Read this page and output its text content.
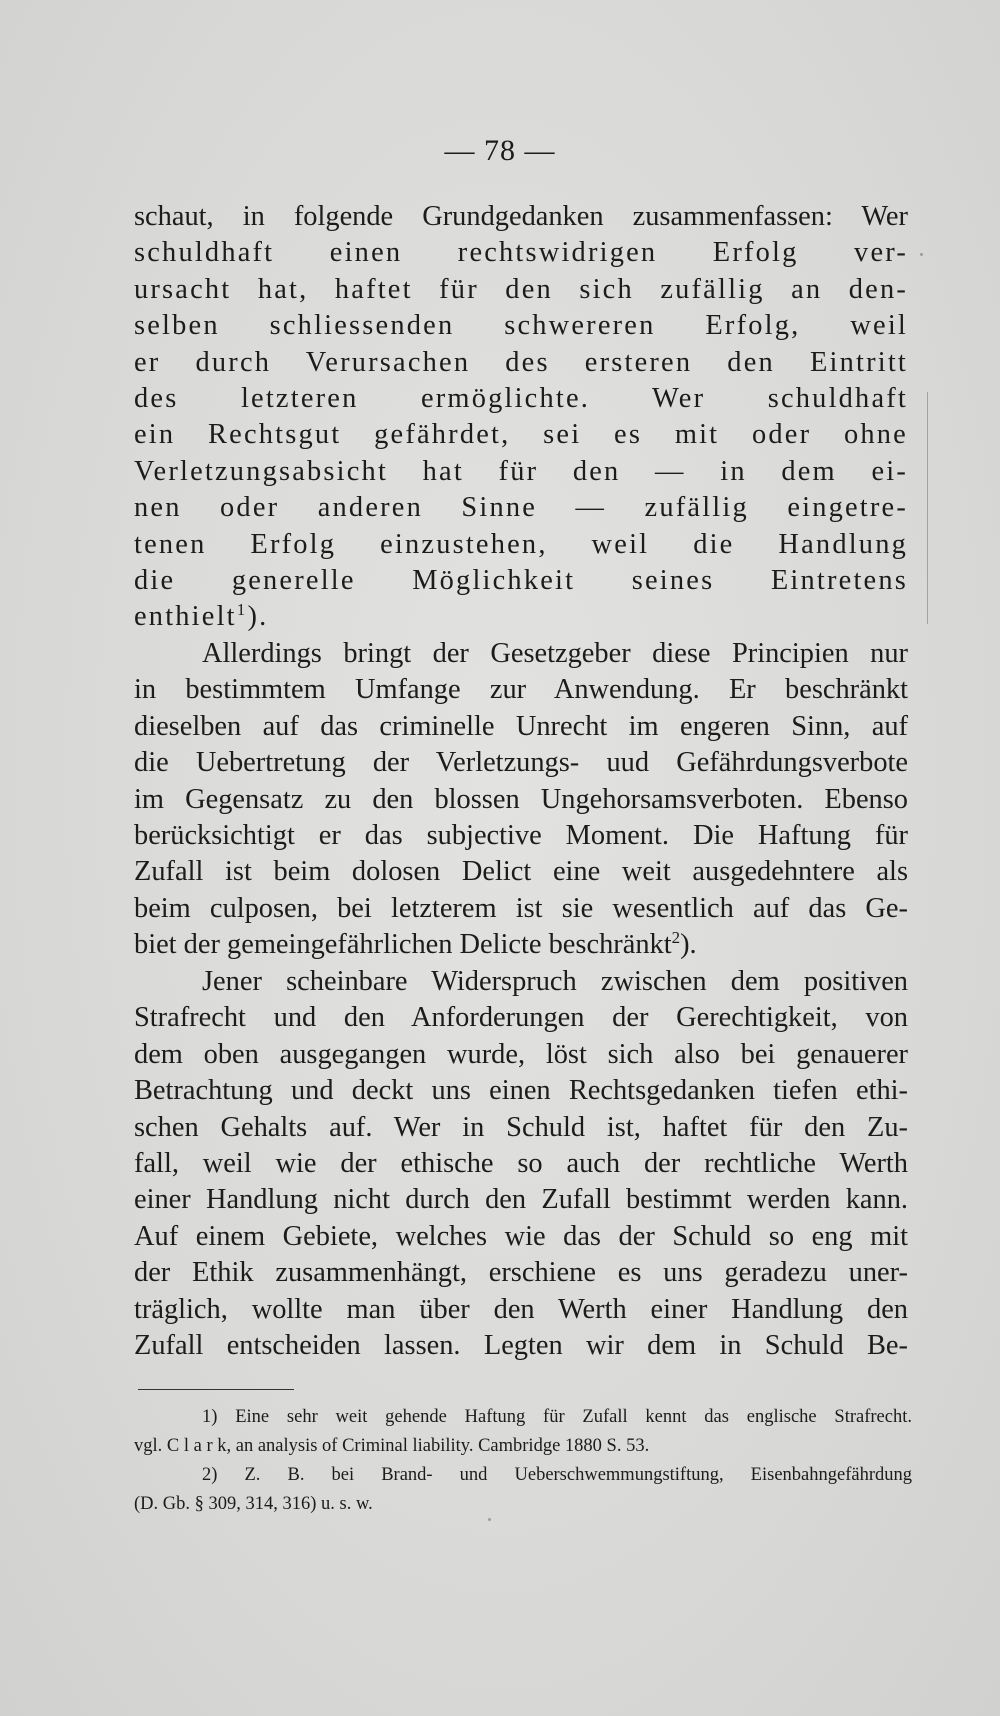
— 78 —
schaut, in folgende Grundgedanken zusammenfassen: Wer
schuldhaft einen rechtswidrigen Erfolg ver-
ursacht hat, haftet für den sich zufällig an den-
selben schliessenden schwereren Erfolg, weil
er durch Verursachen des ersteren den Eintritt
des letzteren ermöglichte. Wer schuldhaft
ein Rechtsgut gefährdet, sei es mit oder ohne
Verletzungsabsicht hat für den — in dem ei-
nen oder anderen Sinne — zufällig eingetre-
tenen Erfolg einzustehen, weil die Handlung
die generelle Möglichkeit seines Eintretens
enthielt$^1$).
Allerdings bringt der Gesetzgeber diese Principien nur
in bestimmtem Umfange zur Anwendung. Er beschränkt
dieselben auf das criminelle Unrecht im engeren Sinn, auf
die Uebertretung der Verletzungs- uud Gefährdungsverbote
im Gegensatz zu den blossen Ungehorsamsverboten. Ebenso
berücksichtigt er das subjective Moment. Die Haftung für
Zufall ist beim dolosen Delict eine weit ausgedehntere als
beim culposen, bei letzterem ist sie wesentlich auf das Ge-
biet der gemeingefährlichen Delicte beschränkt$^2$).
Jener scheinbare Widerspruch zwischen dem positiven
Strafrecht und den Anforderungen der Gerechtigkeit, von
dem oben ausgegangen wurde, löst sich also bei genauerer
Betrachtung und deckt uns einen Rechtsgedanken tiefen ethi-
schen Gehalts auf. Wer in Schuld ist, haftet für den Zu-
fall, weil wie der ethische so auch der rechtliche Werth
einer Handlung nicht durch den Zufall bestimmt werden kann.
Auf einem Gebiete, welches wie das der Schuld so eng mit
der Ethik zusammenhängt, erschiene es uns geradezu uner-
träglich, wollte man über den Werth einer Handlung den
Zufall entscheiden lassen. Legten wir dem in Schuld Be-
1) Eine sehr weit gehende Haftung für Zufall kennt das englische Strafrecht.
vgl. C l a r k, an analysis of Criminal liability. Cambridge 1880 S. 53.
2) Z. B. bei Brand- und Ueberschwemmungstiftung, Eisenbahngefährdung
(D. Gb. § 309, 314, 316) u. s. w.
